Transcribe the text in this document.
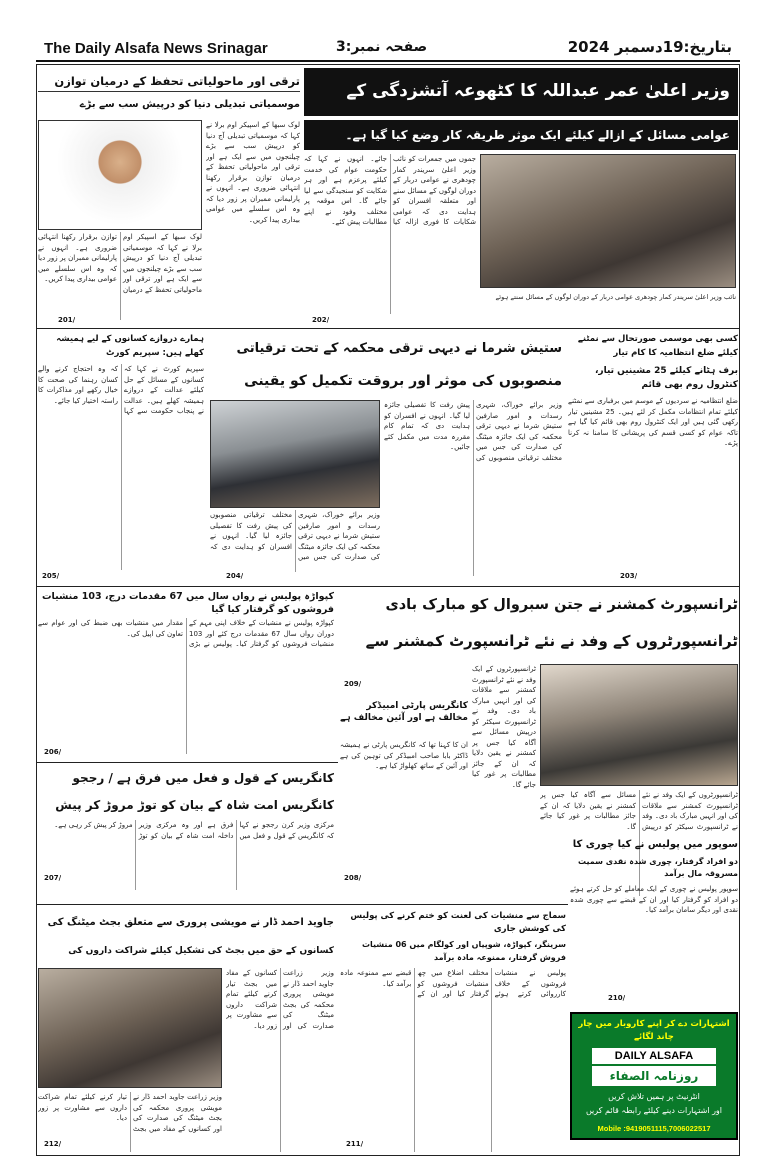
The Daily Alsafa News Srinagar	صفحہ نمبر:3	بتاریخ:19دسمبر 2024
وزیر اعلیٰ عمر عبداللہ کا کٹھوعہ آتشزدگی کے
عوامی مسائل کے ازالے کیلئے ایک موثر طریقہ کار وضع کیا گیا ہے۔
نائب وزیر اعلیٰ سریندر کمار چودھری عوامی دربار کے دوران لوگوں کے مسائل سنتے ہوئے
جموں میں جمعرات کو نائب وزیر اعلیٰ سریندر کمار چودھری نے عوامی دربار کے دوران لوگوں کے مسائل سنے اور متعلقہ افسران کو ہدایت دی کہ عوامی شکایات کا فوری ازالہ کیا جائے۔ انہوں نے کہا کہ حکومت عوام کی خدمت کیلئے پرعزم ہے اور ہر شکایت کو سنجیدگی سے لیا جائے گا۔ اس موقعہ پر مختلف وفود نے اپنے مطالبات پیش کئے۔
202/
ترقی اور ماحولیاتی تحفظ کے درمیان توازن
موسمیاتی تبدیلی دنیا کو درپیش سب سے بڑے
لوک سبھا کے اسپیکر اوم برلا نے کہا کہ موسمیاتی تبدیلی آج دنیا کو درپیش سب سے بڑے چیلنجوں میں سے ایک ہے اور ترقی اور ماحولیاتی تحفظ کے درمیان توازن برقرار رکھنا انتہائی ضروری ہے۔ انہوں نے پارلیمانی ممبران پر زور دیا کہ وہ اس سلسلے میں عوامی بیداری پیدا کریں۔
لوک سبھا کے اسپیکر اوم برلا نے کہا کہ موسمیاتی تبدیلی آج دنیا کو درپیش سب سے بڑے چیلنجوں میں سے ایک ہے اور ترقی اور ماحولیاتی تحفظ کے درمیان توازن برقرار رکھنا انتہائی ضروری ہے۔ انہوں نے پارلیمانی ممبران پر زور دیا کہ وہ اس سلسلے میں عوامی بیداری پیدا کریں۔
201/
ہمارے دروازے کسانوں کے لیے ہمیشہ کھلے ہیں: سپریم کورٹ
سپریم کورٹ نے کہا کہ کسانوں کے مسائل کے حل کیلئے عدالت کے دروازے ہمیشہ کھلے ہیں۔ عدالت نے پنجاب حکومت سے کہا کہ وہ احتجاج کرنے والے کسان رہنما کی صحت کا خیال رکھے اور مذاکرات کا راستہ اختیار کیا جائے۔
205/
ستیش شرما نے دیہی ترقی محکمہ کے تحت ترقیاتی
منصوبوں کی موثر اور بروقت تکمیل کو یقینی
وزیر برائے خوراک، شہری رسدات و امور صارفین ستیش شرما نے دیہی ترقی محکمہ کی ایک جائزہ میٹنگ کی صدارت کی جس میں مختلف ترقیاتی منصوبوں کی پیش رفت کا تفصیلی جائزہ لیا گیا۔ انہوں نے افسران کو ہدایت دی کہ تمام کام مقررہ مدت میں مکمل کئے جائیں۔
وزیر برائے خوراک، شہری رسدات و امور صارفین ستیش شرما نے دیہی ترقی محکمہ کی ایک جائزہ میٹنگ کی صدارت کی جس میں مختلف ترقیاتی منصوبوں کی پیش رفت کا تفصیلی جائزہ لیا گیا۔ انہوں نے افسران کو ہدایت دی کہ
204/
کسی بھی موسمی صورتحال سے نمٹنے کیلئے ضلع انتظامیہ کا کام تیار
برف ہٹانے کیلئے 25 مشینیں تیار، کنٹرول روم بھی قائم
ضلع انتظامیہ نے سردیوں کے موسم میں برفباری سے نمٹنے کیلئے تمام انتظامات مکمل کر لئے ہیں۔ 25 مشینیں تیار رکھی گئی ہیں اور ایک کنٹرول روم بھی قائم کیا گیا ہے تاکہ عوام کو کسی قسم کی پریشانی کا سامنا نہ کرنا پڑے۔
203/
کپواڑہ پولیس نے رواں سال میں 67 مقدمات درج، 103 منشیات فروشوں کو گرفتار کیا گیا
کپواڑہ پولیس نے منشیات کے خلاف اپنی مہم کے دوران رواں سال 67 مقدمات درج کئے اور 103 منشیات فروشوں کو گرفتار کیا۔ پولیس نے بڑی مقدار میں منشیات بھی ضبط کی اور عوام سے تعاون کی اپیل کی۔
206/
ٹرانسپورٹ کمشنر نے جتن سبروال کو مبارک بادی
ٹرانسپورٹروں کے وفد نے نئے ٹرانسپورٹ کمشنر سے
ٹرانسپورٹروں کے ایک وفد نے نئے ٹرانسپورٹ کمشنر سے ملاقات کی اور انہیں مبارک باد دی۔ وفد نے ٹرانسپورٹ سیکٹر کو درپیش مسائل سے آگاہ کیا جس پر کمشنر نے یقین دلایا کہ ان کے جائز مطالبات پر غور کیا جائے گا۔
ٹرانسپورٹروں کے ایک وفد نے نئے ٹرانسپورٹ کمشنر سے ملاقات کی اور انہیں مبارک باد دی۔ وفد نے ٹرانسپورٹ سیکٹر کو درپیش مسائل سے آگاہ کیا جس پر کمشنر نے یقین دلایا کہ ان کے جائز مطالبات پر غور کیا جائے گا۔
209/
کانگریس پارٹی امبیڈکر مخالف ہے اور آئین مخالف ہے
ان کا کہنا تھا کہ کانگریس پارٹی نے ہمیشہ ڈاکٹر بابا صاحب امبیڈکر کی توہین کی ہے اور آئین کے ساتھ کھلواڑ کیا ہے۔
208/
کانگریس کے قول و فعل میں فرق ہے / رججو
کانگریس امت شاہ کے بیان کو توڑ مروڑ کر پیش
مرکزی وزیر کرن رججو نے کہا کہ کانگریس کے قول و فعل میں فرق ہے اور وہ مرکزی وزیر داخلہ امت شاہ کے بیان کو توڑ مروڑ کر پیش کر رہی ہے۔
207/
سوپور میں پولیس نے کیا چوری کا
دو افراد گرفتار، چوری شدہ نقدی سمیت مسروقہ مال برآمد
سوپور پولیس نے چوری کے ایک معاملے کو حل کرتے ہوئے دو افراد کو گرفتار کیا اور ان کے قبضے سے چوری شدہ نقدی اور دیگر سامان برآمد کیا۔
210/
جاوید احمد ڈار نے مویشی پروری سے متعلق بجٹ میٹنگ کی
کسانوں کے حق میں بجٹ کی تشکیل کیلئے شراکت داروں کی
وزیر زراعت جاوید احمد ڈار نے مویشی پروری محکمہ کی بجٹ میٹنگ کی صدارت کی اور کسانوں کے مفاد میں بجٹ تیار کرنے کیلئے تمام شراکت داروں سے مشاورت پر زور دیا۔
وزیر زراعت جاوید احمد ڈار نے مویشی پروری محکمہ کی بجٹ میٹنگ کی صدارت کی اور کسانوں کے مفاد میں بجٹ تیار کرنے کیلئے تمام شراکت داروں سے مشاورت پر زور دیا۔
212/
سماج سے منشیات کی لعنت کو ختم کرنے کی پولیس کی کوشش جاری
سرینگر، کپواڑہ، شوپیاں اور کولگام میں 06 منشیات فروش گرفتار، ممنوعہ مادہ برآمد
پولیس نے منشیات فروشوں کے خلاف کارروائی کرتے ہوئے مختلف اضلاع میں چھ منشیات فروشوں کو گرفتار کیا اور ان کے قبضے سے ممنوعہ مادہ برآمد کیا۔
211/
اشتہارات دے کر اپنے کاروبار میں چار چاند لگائے
DAILY ALSAFA
روزنامہ الصفاء
انٹرنیٹ پر ہمیں تلاش کریں
اور اشتہارات دینے کیلئے رابطہ قائم کریں
Mobile :9419051115,7006022517
